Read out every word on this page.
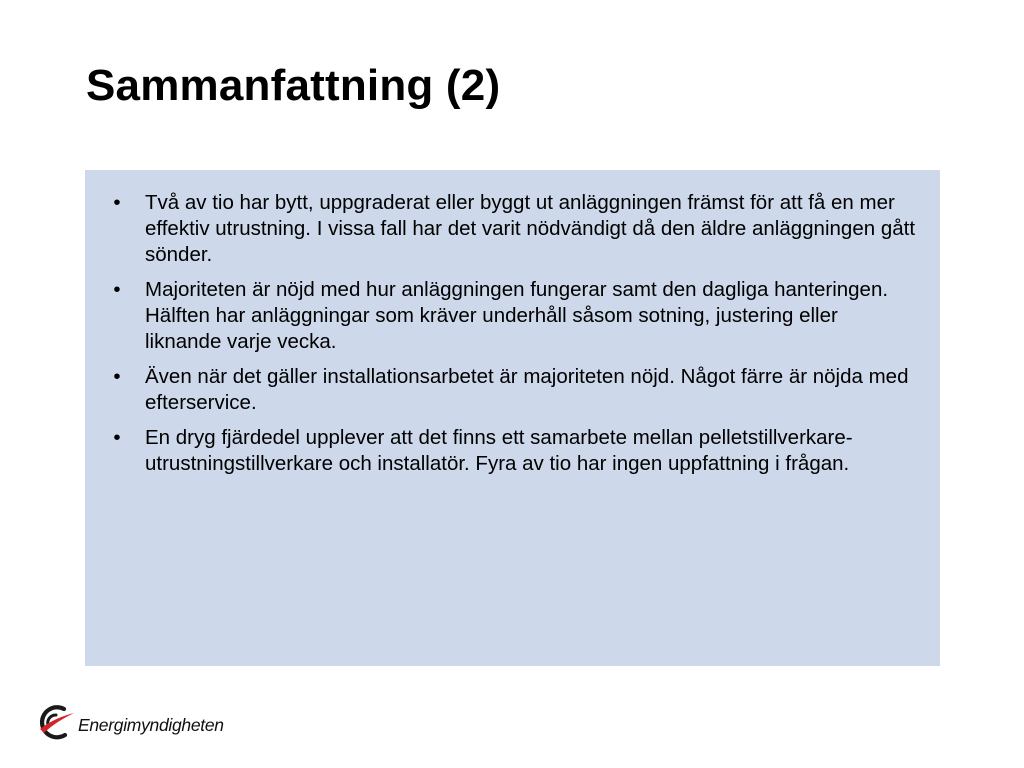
Sammanfattning (2)
•	Två av tio har bytt, uppgraderat eller byggt ut anläggningen främst för att få en mer effektiv utrustning. I vissa fall har det varit nödvändigt då den äldre anläggningen gått sönder.
•	Majoriteten är nöjd med hur anläggningen fungerar samt den dagliga hanteringen. Hälften har anläggningar som kräver underhåll såsom sotning, justering eller liknande varje vecka.
•	Även när det gäller installationsarbetet är majoriteten nöjd. Något färre är nöjda med efterservice.
•	En dryg fjärdedel upplever att det finns ett samarbete mellan pelletstillverkare-utrustningstillverkare och installatör. Fyra av tio har ingen uppfattning i frågan.
Energimyndigheten
